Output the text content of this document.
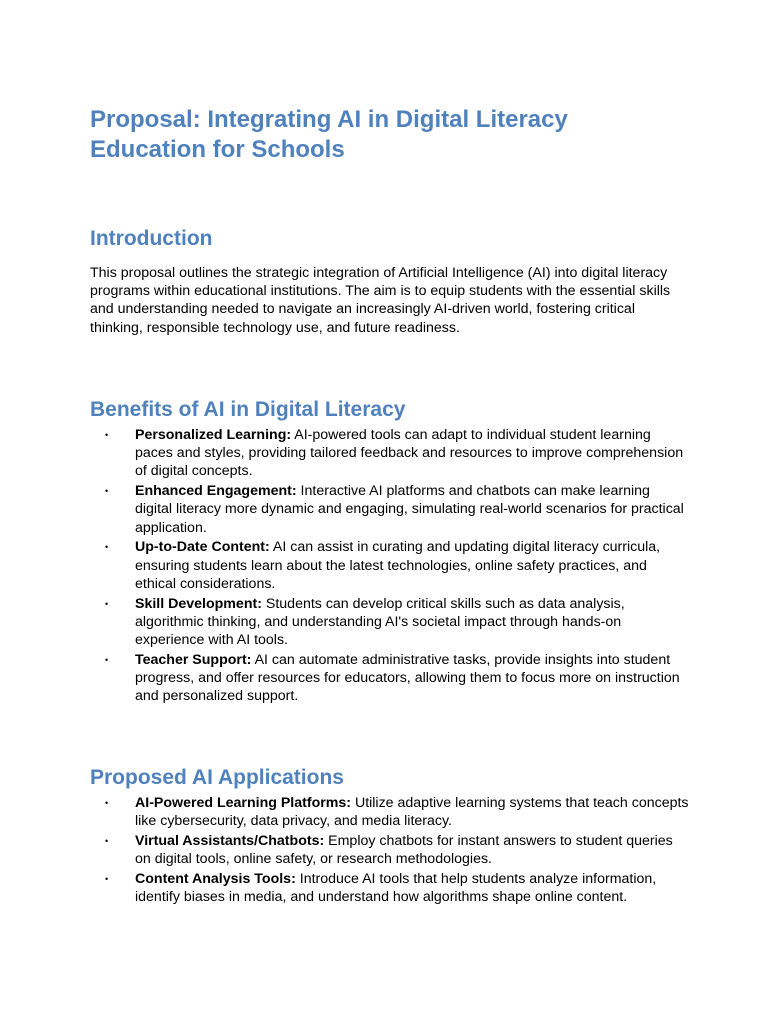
Proposal: Integrating AI in Digital Literacy Education for Schools
Introduction

This proposal outlines the strategic integration of Artificial Intelligence (AI) into digital literacy programs within educational institutions. The aim is to equip students with the essential skills and understanding needed to navigate an increasingly AI-driven world, fostering critical thinking, responsible technology use, and future readiness.

Benefits of AI in Digital Literacy
• Personalized Learning: AI-powered tools can adapt to individual student learning paces and styles, providing tailored feedback and resources to improve comprehension of digital concepts.
• Enhanced Engagement: Interactive AI platforms and chatbots can make learning digital literacy more dynamic and engaging, simulating real-world scenarios for practical application.
• Up-to-Date Content: AI can assist in curating and updating digital literacy curricula, ensuring students learn about the latest technologies, online safety practices, and ethical considerations.
• Skill Development: Students can develop critical skills such as data analysis, algorithmic thinking, and understanding AI's societal impact through hands-on experience with AI tools.
• Teacher Support: AI can automate administrative tasks, provide insights into student progress, and offer resources for educators, allowing them to focus more on instruction and personalized support.
Proposed AI Applications
• AI-Powered Learning Platforms: Utilize adaptive learning systems that teach concepts like cybersecurity, data privacy, and media literacy.
• Virtual Assistants/Chatbots: Employ chatbots for instant answers to student queries on digital tools, online safety, or research methodologies.
• Content Analysis Tools: Introduce AI tools that help students analyze information, identify biases in media, and understand how algorithms shape online content.
